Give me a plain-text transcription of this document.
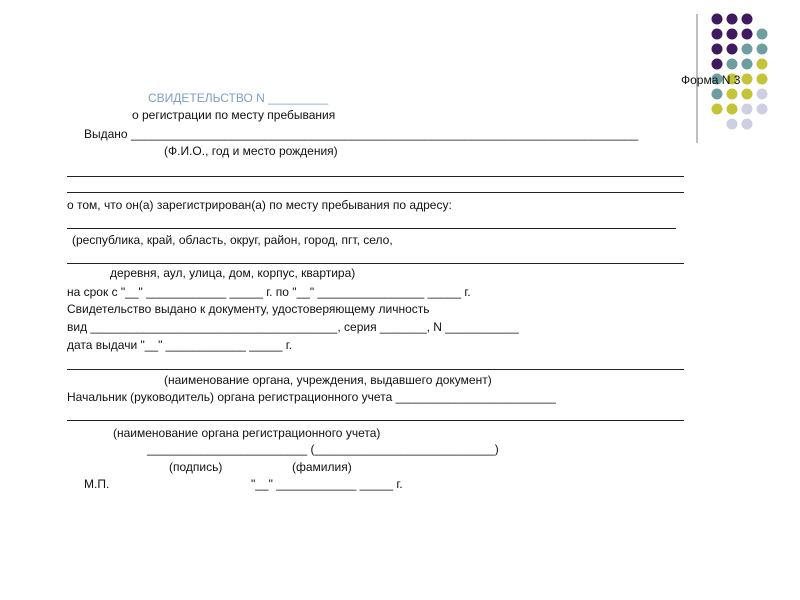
Форма N 3
СВИДЕТЕЛЬСТВО N _________
о регистрации по месту пребывания
Выдано ____________________________________________________________________________
(Ф.И.О., год и место рождения)
о том, что он(а) зарегистрирован(а) по месту пребывания по адресу:
(республика, край, область, округ, район, город, пгт, село,
деревня, аул, улица, дом, корпус, квартира)
на срок с "__" ____________ _____ г. по "__" ________________ _____ г.
Свидетельство выдано к документу, удостоверяющему личность
вид _____________________________________, серия _______, N ___________
дата выдачи "__" ____________ _____ г.
(наименование органа, учреждения, выдавшего документ)
Начальник (руководитель) органа регистрационного учета ________________________
(наименование органа регистрационного учета)
________________________ (___________________________)
(подпись)	(фамилия)
М.П.	"__" ____________ _____ г.
